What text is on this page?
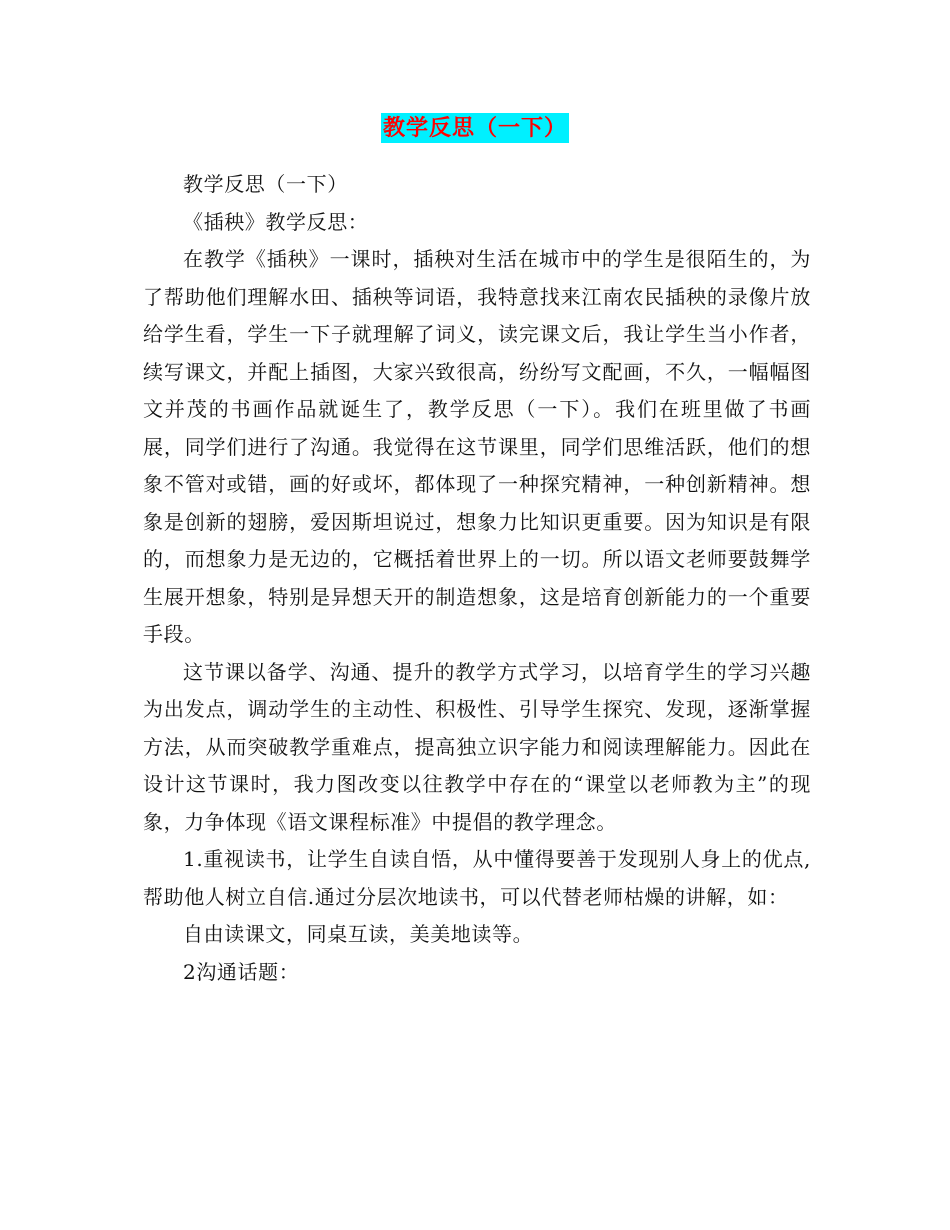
教学反思（一下）

教学反思（一下）

《插秧》教学反思：

在教学《插秧》一课时，插秧对生活在城市中的学生是很陌生的，为了帮助他们理解水田、插秧等词语，我特意找来江南农民插秧的录像片放给学生看，学生一下子就理解了词义，读完课文后，我让学生当小作者，续写课文，并配上插图，大家兴致很高，纷纷写文配画，不久，一幅幅图文并茂的书画作品就诞生了，教学反思（一下）。我们在班里做了书画展，同学们进行了沟通。我觉得在这节课里，同学们思维活跃，他们的想象不管对或错，画的好或坏，都体现了一种探究精神，一种创新精神。想象是创新的翅膀，爱因斯坦说过，想象力比知识更重要。因为知识是有限的，而想象力是无边的，它概括着世界上的一切。所以语文老师要鼓舞学生展开想象，特别是异想天开的制造想象，这是培育创新能力的一个重要手段。

这节课以备学、沟通、提升的教学方式学习，以培育学生的学习兴趣为出发点，调动学生的主动性、积极性、引导学生探究、发现，逐渐掌握方法，从而突破教学重难点，提高独立识字能力和阅读理解能力。因此在设计这节课时，我力图改变以往教学中存在的“课堂以老师教为主”的现象，力争体现《语文课程标准》中提倡的教学理念。

1.重视读书，让学生自读自悟，从中懂得要善于发现别人身上的优点,帮助他人树立自信.通过分层次地读书，可以代替老师枯燥的讲解，如：

自由读课文，同桌互读，美美地读等。

2沟通话题：
